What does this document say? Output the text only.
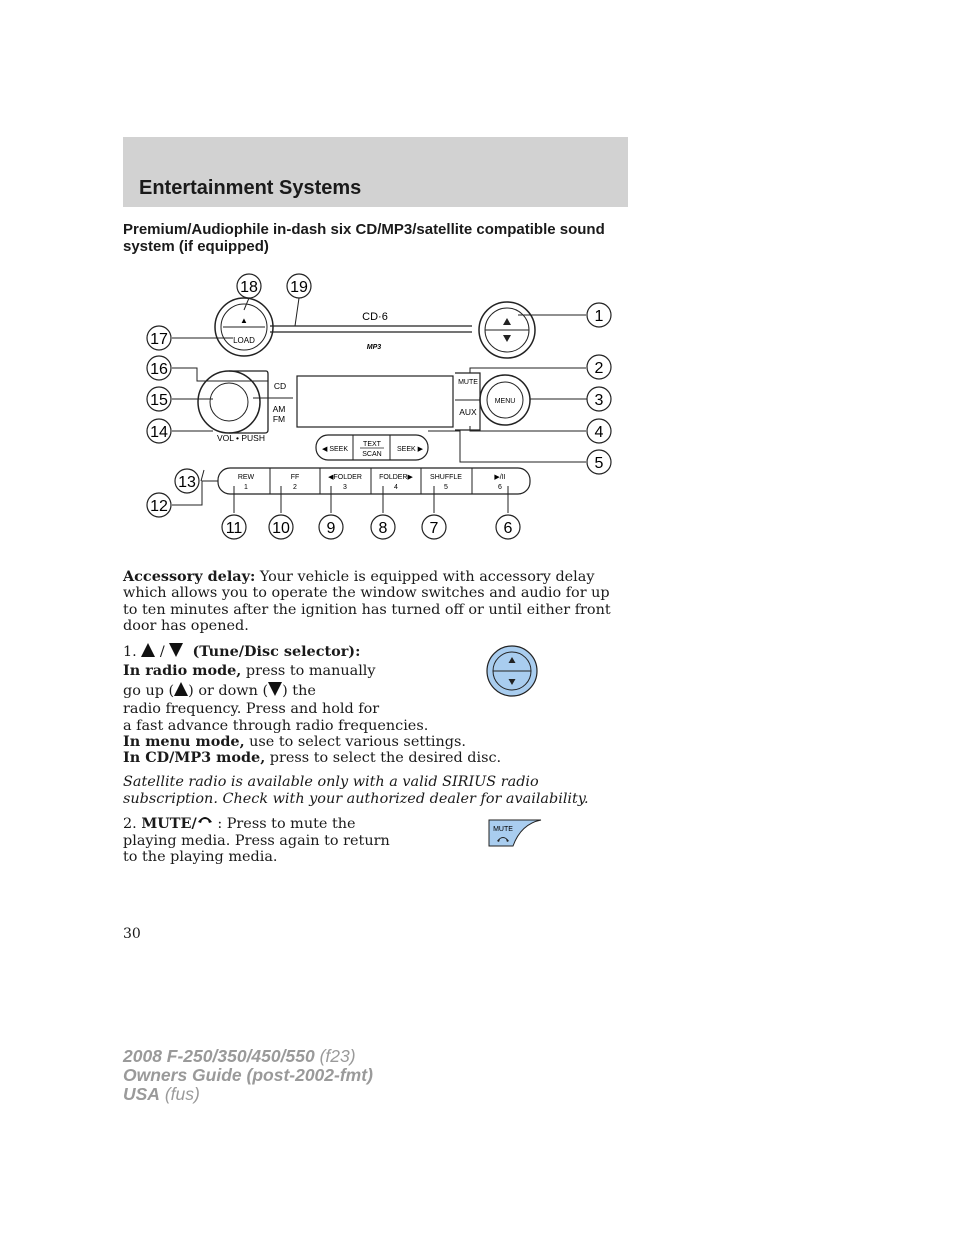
Entertainment Systems
Premium/Audiophile in-dash six CD/MP3/satellite compatible sound system (if equipped)
▲
LOAD
CD·6
MP3
CD
AM
FM
VOL • PUSH
MUTE
AUX
MENU
◀ SEEK
TEXT
SCAN
SEEK ▶
REW
1
FF
2
◀FOLDER
3
FOLDER▶
4
SHUFFLE
5
▶/II
6
18 19
1
17
16	2
15	3
14	4
5
13
12
11 10 9	8	7	6
Accessory delay: Your vehicle is equipped with accessory delay which allows you to operate the window switches and audio for up to ten minutes after the ignition has turned off or until either front door has opened.
1. / (Tune/Disc selector):
In radio mode, press to manually
go up ( ) or down ( ) the
radio frequency. Press and hold for
a fast advance through radio frequencies.
In menu mode, use to select various settings.
In CD/MP3 mode, press to select the desired disc.
Satellite radio is available only with a valid SIRIUS radio
subscription. Check with your authorized dealer for availability.
2. MUTE/ : Press to mute the
playing media. Press again to return
to the playing media.
MUTE
30
2008 F-250/350/450/550 (f23)
Owners Guide (post-2002-fmt)
USA (fus)
